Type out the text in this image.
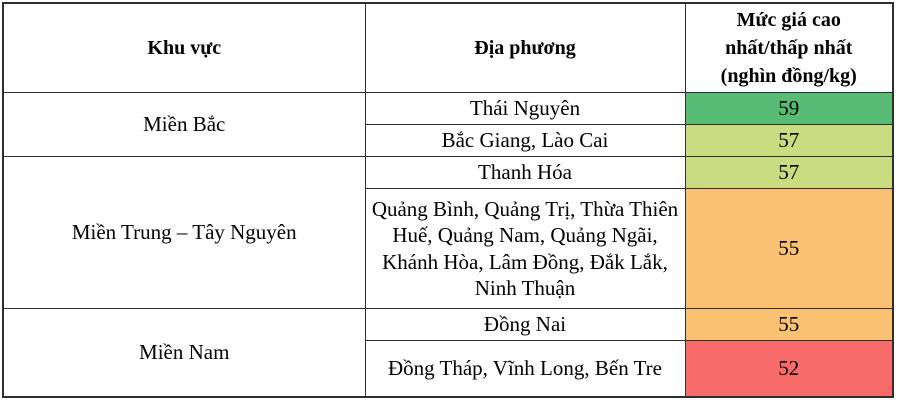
Khu vực	Địa phương	Mức giá cao
nhất/thấp nhất
(nghìn đồng/kg)

Miền Bắc	Thái Nguyên	59
	Bắc Giang, Lào Cai	57
Miền Trung – Tây Nguyên	Thanh Hóa	57
	Quảng Bình, Quảng Trị, Thừa Thiên Huế, Quảng Nam, Quảng Ngãi, Khánh Hòa, Lâm Đồng, Đắk Lắk, Ninh Thuận	55
Miền Nam	Đồng Nai	55
	Đồng Tháp, Vĩnh Long, Bến Tre	52
